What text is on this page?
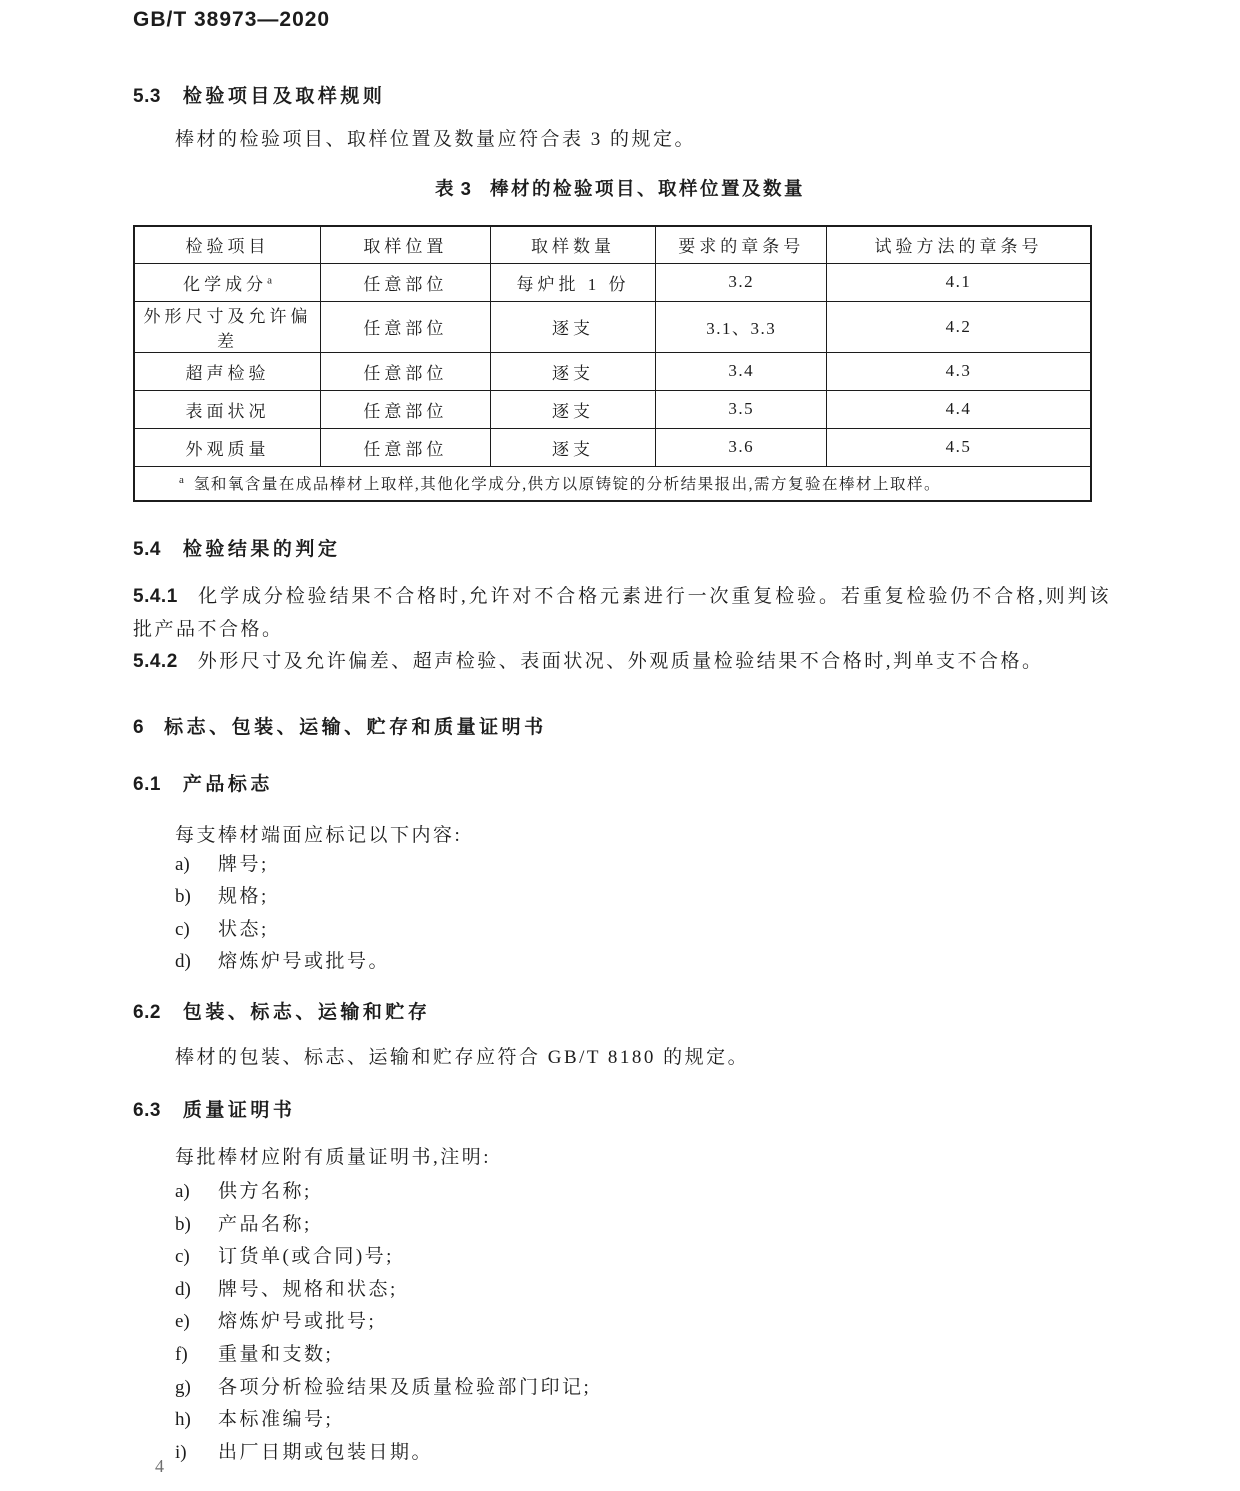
GB/T 38973—2020
5.3 检验项目及取样规则
棒材的检验项目、取样位置及数量应符合表 3 的规定。
表 3 棒材的检验项目、取样位置及数量
检验项目	取样位置	取样数量	要求的章条号	试验方法的章条号
化学成分$^a$	任意部位	每炉批 1 份	3.2	4.1
外形尺寸及允许偏差	任意部位	逐支	3.1、3.3	4.2
超声检验	任意部位	逐支	3.4	4.3
表面状况	任意部位	逐支	3.5	4.4
外观质量	任意部位	逐支	3.6	4.5
$^a$ 氢和氧含量在成品棒材上取样,其他化学成分,供方以原铸锭的分析结果报出,需方复验在棒材上取样。				
5.4 检验结果的判定
5.4.1 化学成分检验结果不合格时,允许对不合格元素进行一次重复检验。若重复检验仍不合格,则判该批产品不合格。
5.4.2 外形尺寸及允许偏差、超声检验、表面状况、外观质量检验结果不合格时,判单支不合格。
6 标志、包装、运输、贮存和质量证明书
6.1 产品标志
每支棒材端面应标记以下内容:
a)	牌号;
b)	规格;
c)	状态;
d)	熔炼炉号或批号。
6.2 包装、标志、运输和贮存
棒材的包装、标志、运输和贮存应符合 GB/T 8180 的规定。
6.3 质量证明书
每批棒材应附有质量证明书,注明:
a)	供方名称;
b)	产品名称;
c)	订货单(或合同)号;
d)	牌号、规格和状态;
e)	熔炼炉号或批号;
f)	重量和支数;
g)	各项分析检验结果及质量检验部门印记;
h)	本标准编号;
i)	出厂日期或包装日期。
4
